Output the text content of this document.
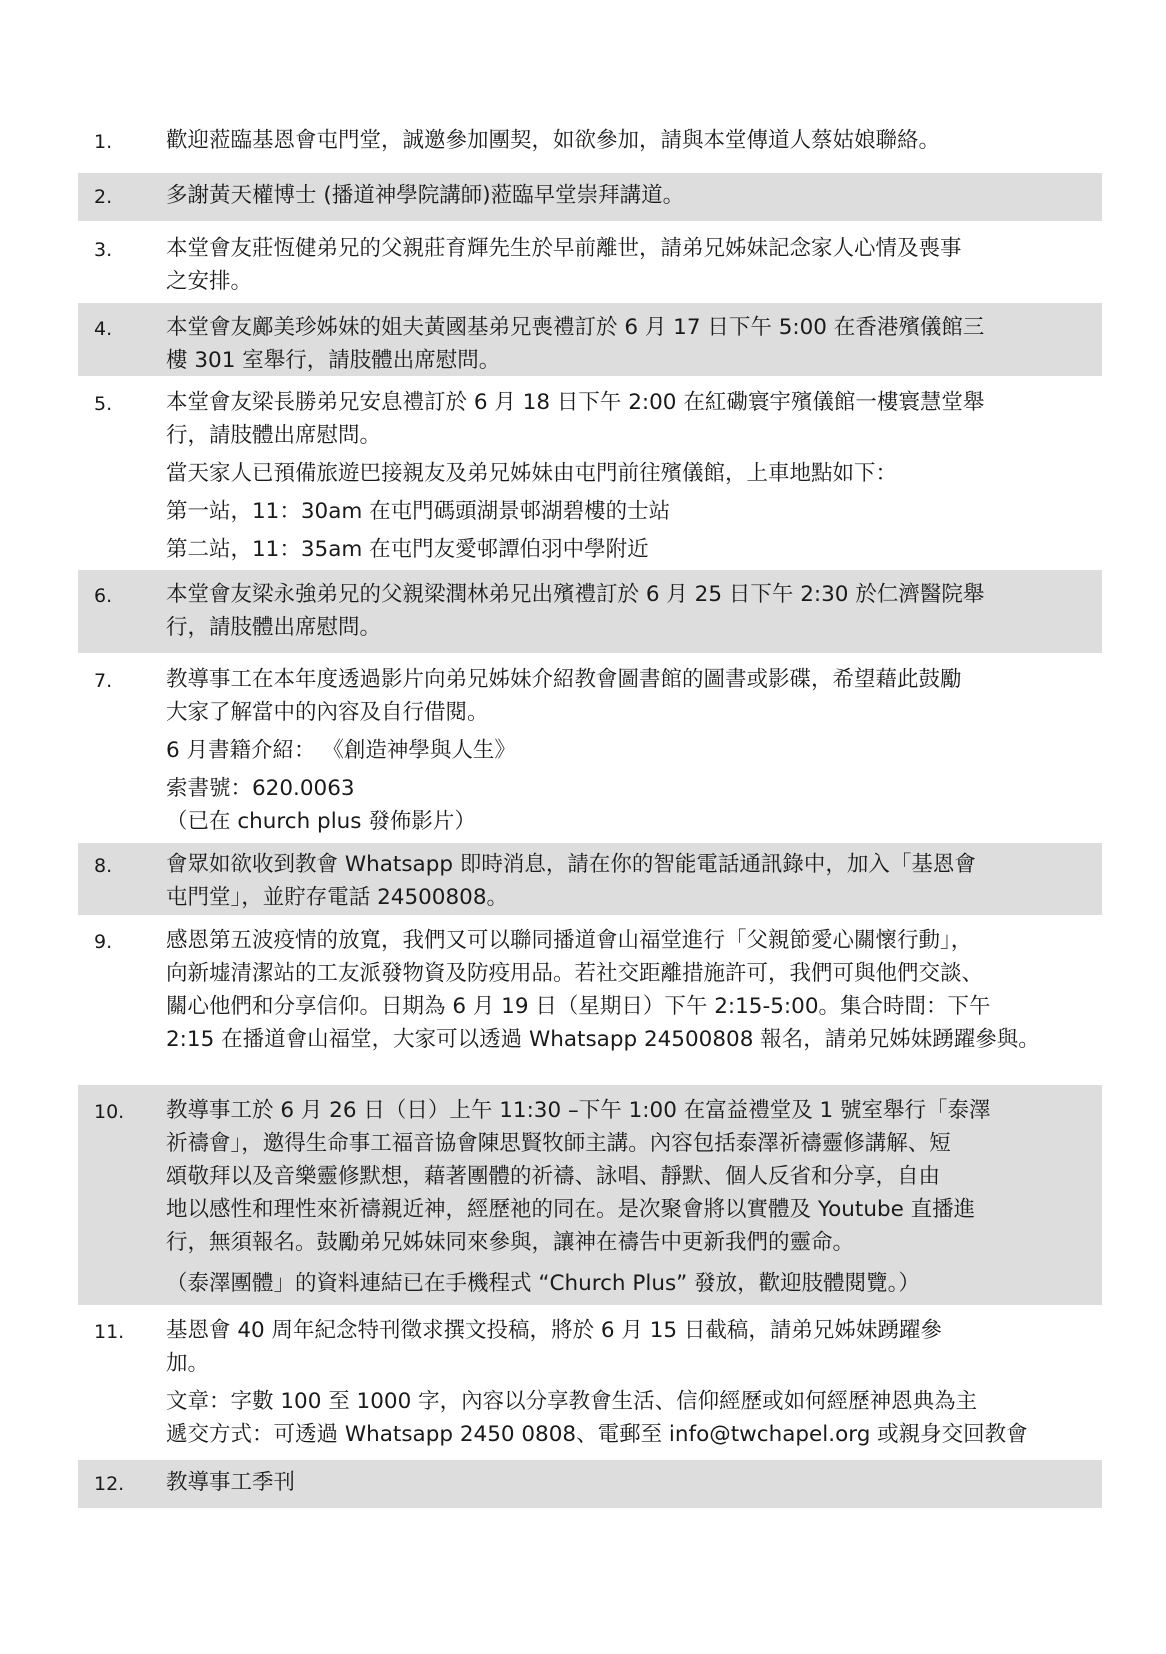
1.	歡迎蒞臨基恩會屯門堂，誠邀參加團契，如欲參加，請與本堂傳道人蔡姑娘聯絡。

2.	多謝黃天權博士 (播道神學院講師)蒞臨早堂崇拜講道。

3.	本堂會友莊恆健弟兄的父親莊育輝先生於早前離世，請弟兄姊妹記念家人心情及喪事

之安排。

4.	本堂會友鄺美珍姊妹的姐夫黃國基弟兄喪禮訂於 6 月 17 日下午 5:00 在香港殯儀館三

樓 301 室舉行，請肢體出席慰問。

5.	本堂會友梁長勝弟兄安息禮訂於 6 月 18 日下午 2:00 在紅磡寰宇殯儀館一樓寰慧堂舉

行，請肢體出席慰問。

當天家人已預備旅遊巴接親友及弟兄姊妹由屯門前往殯儀館，上車地點如下：

第一站，11：30am 在屯門碼頭湖景邨湖碧樓的士站

第二站，11：35am 在屯門友愛邨譚伯羽中學附近

6.	本堂會友梁永強弟兄的父親梁潤林弟兄出殯禮訂於 6 月 25 日下午 2:30 於仁濟醫院舉

行，請肢體出席慰問。

7.	教導事工在本年度透過影片向弟兄姊妹介紹教會圖書館的圖書或影碟，希望藉此鼓勵

大家了解當中的內容及自行借閱。

6 月書籍介紹： 《創造神學與人生》

索書號：620.0063

（已在 church plus 發佈影片）

8.	會眾如欲收到教會 Whatsapp 即時消息，請在你的智能電話通訊錄中，加入「基恩會

屯門堂」，並貯存電話 24500808。

9.	感恩第五波疫情的放寬，我們又可以聯同播道會山福堂進行「父親節愛心關懷行動」，

向新墟清潔站的工友派發物資及防疫用品。若社交距離措施許可，我們可與他們交談、

關心他們和分享信仰。日期為 6 月 19 日（星期日）下午 2:15-5:00。集合時間：下午

2:15 在播道會山福堂，大家可以透過 Whatsapp 24500808 報名，請弟兄姊妹踴躍參與。

10. 教導事工於 6 月 26 日（日）上午 11:30 –下午 1:00 在富益禮堂及 1 號室舉行「泰澤

祈禱會」，邀得生命事工福音協會陳思賢牧師主講。內容包括泰澤祈禱靈修講解、短

頌敬拜以及音樂靈修默想，藉著團體的祈禱、詠唱、靜默、個人反省和分享，自由

地以感性和理性來祈禱親近神，經歷祂的同在。是次聚會將以實體及 Youtube 直播進

行，無須報名。鼓勵弟兄姊妹同來參與，讓神在禱告中更新我們的靈命。

（泰澤團體」的資料連結已在手機程式 “Church Plus” 發放，歡迎肢體閱覽。）

11. 基恩會 40 周年紀念特刊徵求撰文投稿，將於 6 月 15 日截稿，請弟兄姊妹踴躍參

加。

文章：字數 100 至 1000 字，內容以分享教會生活、信仰經歷或如何經歷神恩典為主

遞交方式：可透過 Whatsapp 2450 0808、電郵至 info@twchapel.org 或親身交回教會

12. 教導事工季刊
